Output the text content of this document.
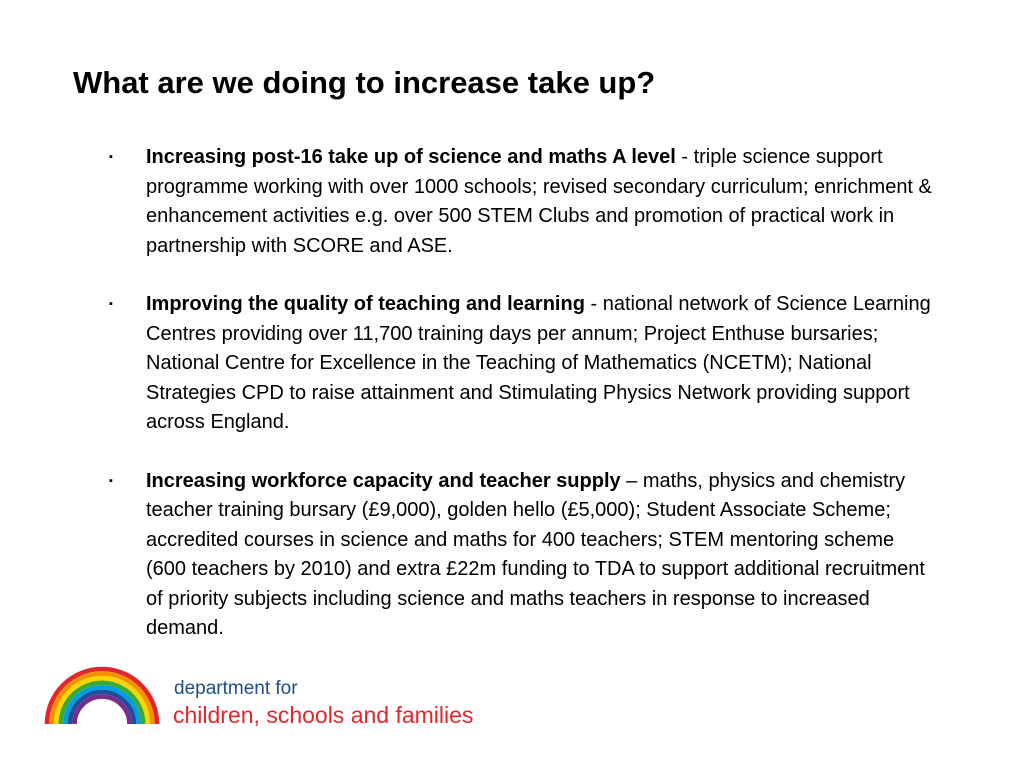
What are we doing to increase take up?
▪ Increasing post-16 take up of science and maths A level - triple science support programme working with over 1000 schools; revised secondary curriculum; enrichment & enhancement activities e.g. over 500 STEM Clubs and promotion of practical work in partnership with SCORE and ASE.
▪ Improving the quality of teaching and learning - national network of Science Learning Centres providing over 11,700 training days per annum; Project Enthuse bursaries; National Centre for Excellence in the Teaching of Mathematics (NCETM); National Strategies CPD to raise attainment and Stimulating Physics Network providing support across England.
▪ Increasing workforce capacity and teacher supply – maths, physics and chemistry teacher training bursary (£9,000), golden hello (£5,000); Student Associate Scheme; accredited courses in science and maths for 400 teachers; STEM mentoring scheme (600 teachers by 2010) and extra £22m funding to TDA to support additional recruitment of priority subjects including science and maths teachers in response to increased demand.
department for
children, schools and families
